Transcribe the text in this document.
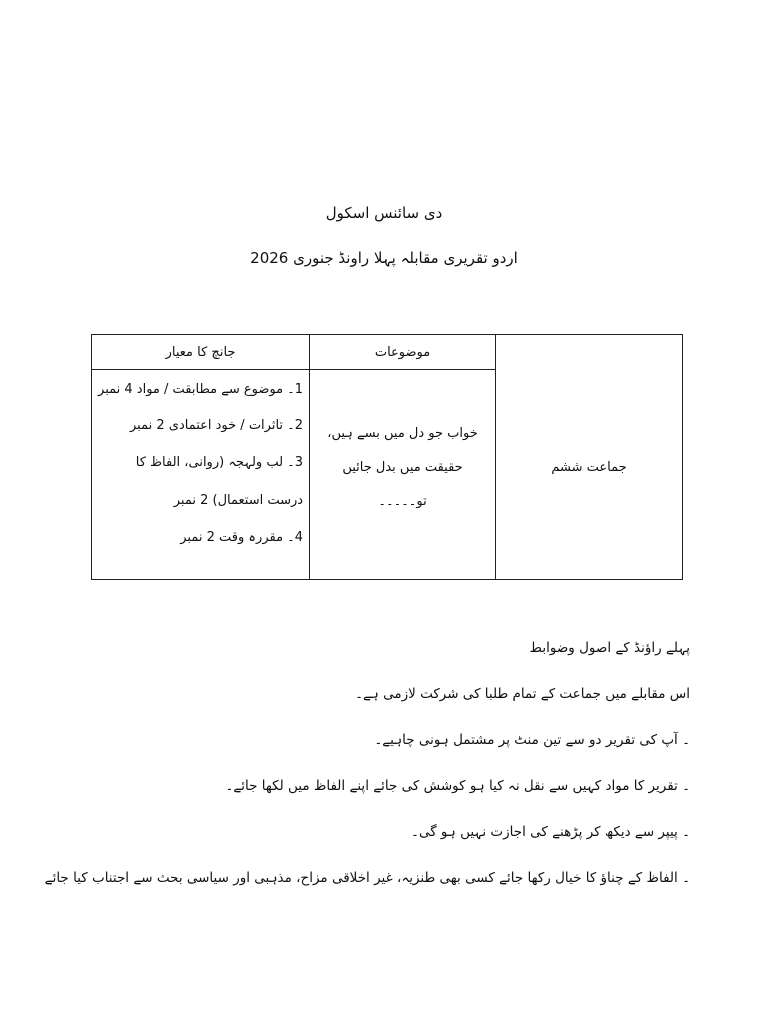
دی سائنس اسکول
اردو تقریری مقابلہ پہلا راونڈ جنوری 2026
	موضوعات	جانچ کا معیار
جماعت ششم	خواب جو دل میں بسے ہیں، حقیقت میں بدل جائیں تو۔۔۔۔۔	1۔ موضوع سے مطابقت / مواد 4 نمبر
2۔ تاثرات / خود اعتمادی 2 نمبر
3۔ لب ولہجہ (روانی، الفاظ کا درست استعمال) 2 نمبر
4۔ مقررہ وقت 2 نمبر
پہلے راؤنڈ کے اصول وضوابط
اس مقابلے میں جماعت کے تمام طلبا کی شرکت لازمی ہے۔
۔ آپ کی تقریر دو سے تین منٹ پر مشتمل ہونی چاہیے۔
۔ تقریر کا مواد کہیں سے نقل نہ کیا ہو کوشش کی جائے اپنے الفاظ میں لکھا جائے۔
۔ پیپر سے دیکھ کر پڑھنے کی اجازت نہیں ہو گی۔
۔ الفاظ کے چناؤ کا خیال رکھا جائے کسی بھی طنزیہ، غیر اخلاقی مزاح، مذہبی اور سیاسی بحث سے اجتناب کیا جائے
